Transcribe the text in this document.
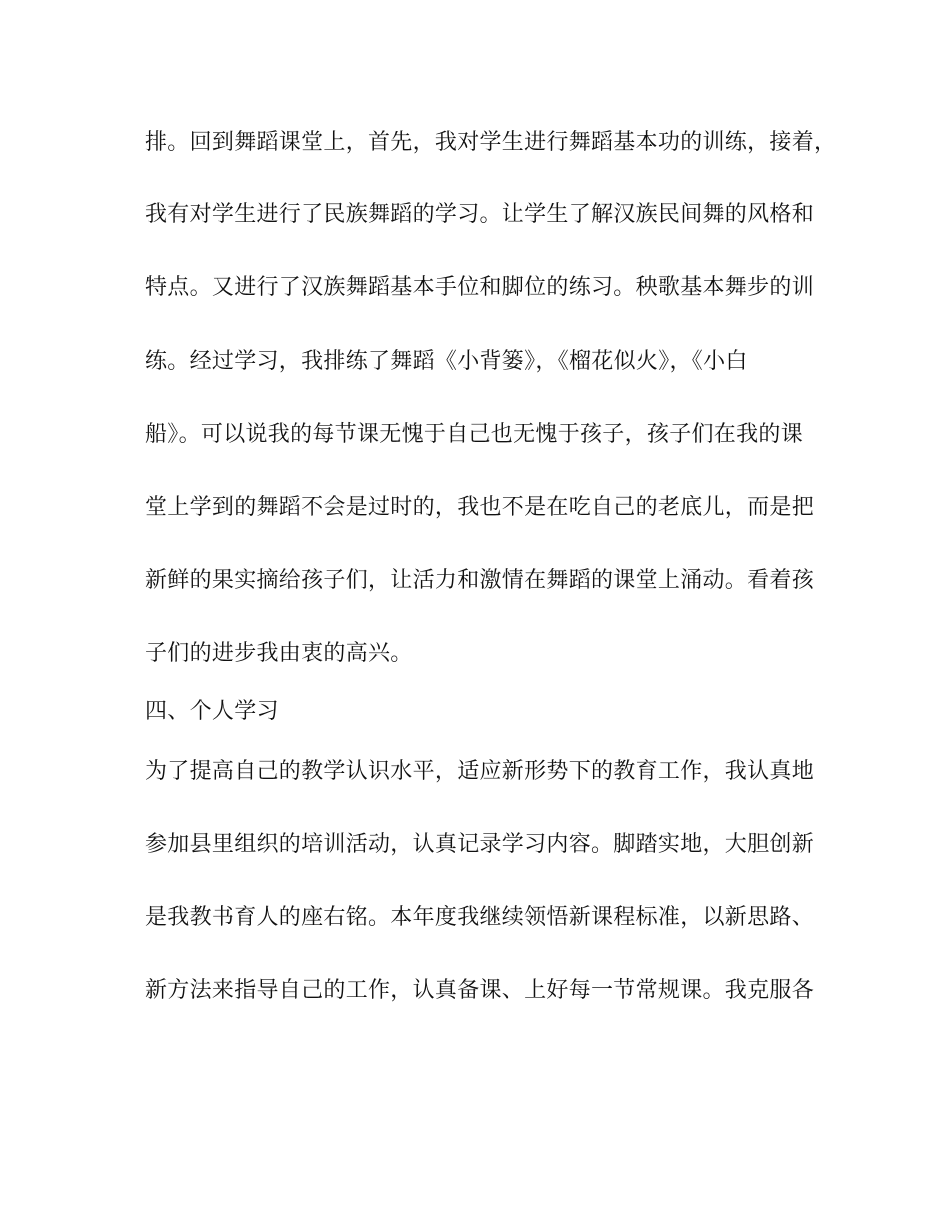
排。回到舞蹈课堂上，首先，我对学生进行舞蹈基本功的训练，接着，

我有对学生进行了民族舞蹈的学习。让学生了解汉族民间舞的风格和

特点。又进行了汉族舞蹈基本手位和脚位的练习。秧歌基本舞步的训

练。经过学习，我排练了舞蹈《小背篓》，《榴花似火》，《小白

船》。可以说我的每节课无愧于自己也无愧于孩子，孩子们在我的课

堂上学到的舞蹈不会是过时的，我也不是在吃自己的老底儿，而是把

新鲜的果实摘给孩子们，让活力和激情在舞蹈的课堂上涌动。看着孩

子们的进步我由衷的高兴。

四、个人学习

为了提高自己的教学认识水平，适应新形势下的教育工作，我认真地

参加县里组织的培训活动，认真记录学习内容。脚踏实地，大胆创新

是我教书育人的座右铭。本年度我继续领悟新课程标准，以新思路、

新方法来指导自己的工作，认真备课、上好每一节常规课。我克服各
